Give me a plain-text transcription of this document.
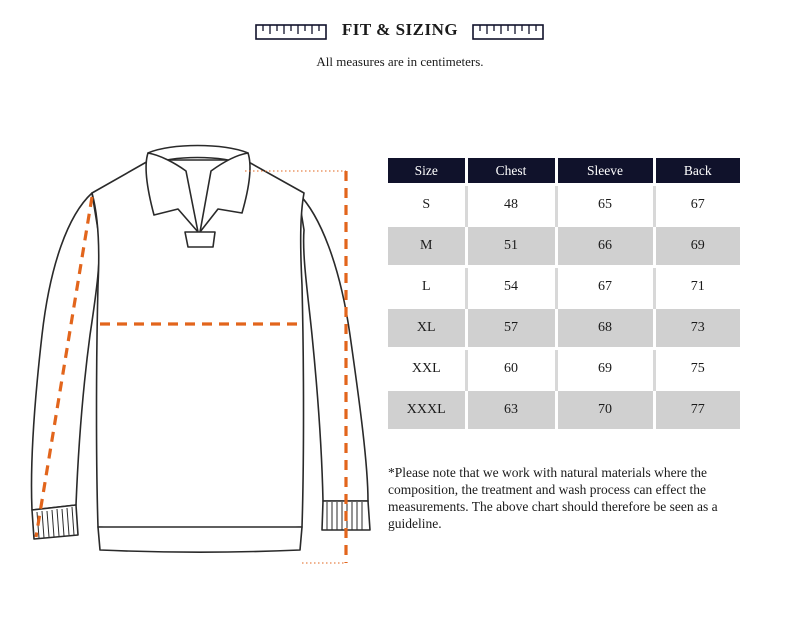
FIT & SIZING
All measures are in centimeters.
Size	Chest	Sleeve	Back
S	48	65	67
M	51	66	69
L	54	67	71
XL	57	68	73
XXL	60	69	75
XXXL	63	70	77
*Please note that we work with natural materials where the composition, the treatment and wash process can effect the measurements. The above chart should therefore be seen as a guideline.
